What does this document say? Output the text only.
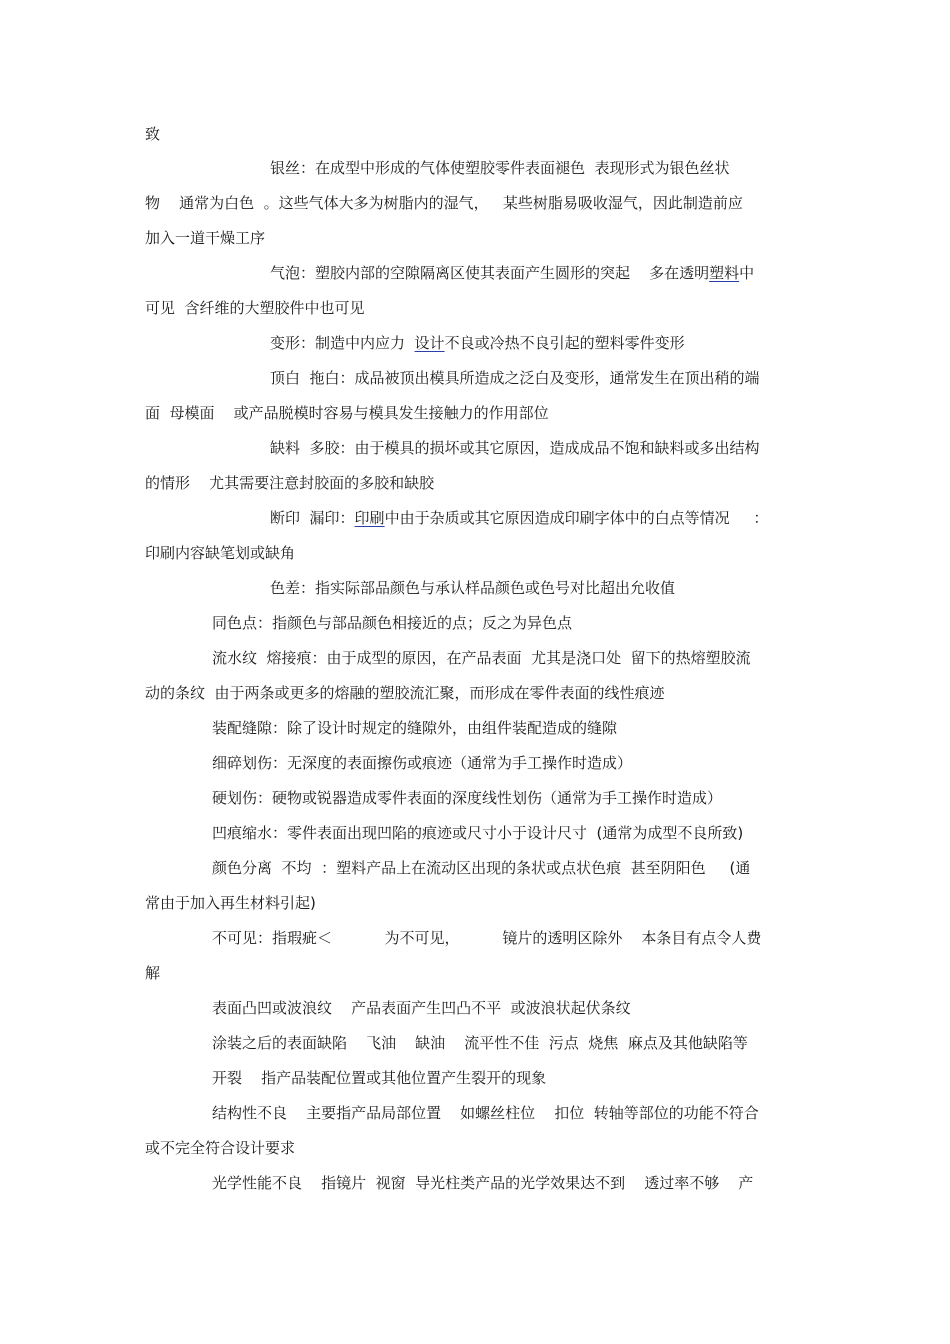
致
银丝：在成型中形成的气体使塑胶零件表面褪色  表现形式为银色丝状
物    通常为白色  。这些气体大多为树脂内的湿气，   某些树脂易吸收湿气，因此制造前应
加入一道干燥工序
气泡：塑胶内部的空隙隔离区使其表面产生圆形的突起    多在透明塑料中
可见  含纤维的大塑胶件中也可见
变形：制造中内应力  设计不良或冷热不良引起的塑料零件变形
顶白  拖白：成品被顶出模具所造成之泛白及变形，通常发生在顶出稍的端
面  母模面    或产品脱模时容易与模具发生接触力的作用部位
缺料  多胶：由于模具的损坏或其它原因，造成成品不饱和缺料或多出结构
的情形    尤其需要注意封胶面的多胶和缺胶
断印  漏印：印刷中由于杂质或其它原因造成印刷字体中的白点等情况     ：
印刷内容缺笔划或缺角
色差：指实际部品颜色与承认样品颜色或色号对比超出允收值
同色点：指颜色与部品颜色相接近的点；反之为异色点
流水纹  熔接痕：由于成型的原因，在产品表面  尤其是浇口处  留下的热熔塑胶流
动的条纹  由于两条或更多的熔融的塑胶流汇聚，而形成在零件表面的线性痕迹
装配缝隙：除了设计时规定的缝隙外，由组件装配造成的缝隙
细碎划伤：无深度的表面擦伤或痕迹（通常为手工操作时造成）
硬划伤：硬物或锐器造成零件表面的深度线性划伤（通常为手工操作时造成）
凹痕缩水：零件表面出现凹陷的痕迹或尺寸小于设计尺寸  (通常为成型不良所致)
颜色分离  不均  ：塑料产品上在流动区出现的条状或点状色痕  甚至阴阳色     (通
常由于加入再生材料引起)
不可见：指瑕疵＜           为不可见，         镜片的透明区除外    本条目有点令人费
解
表面凸凹或波浪纹    产品表面产生凹凸不平  或波浪状起伏条纹
涂装之后的表面缺陷    飞油    缺油    流平性不佳  污点  烧焦  麻点及其他缺陷等
开裂    指产品装配位置或其他位置产生裂开的现象
结构性不良    主要指产品局部位置    如螺丝柱位    扣位  转轴等部位的功能不符合
或不完全符合设计要求
光学性能不良    指镜片  视窗  导光柱类产品的光学效果达不到    透过率不够    产
